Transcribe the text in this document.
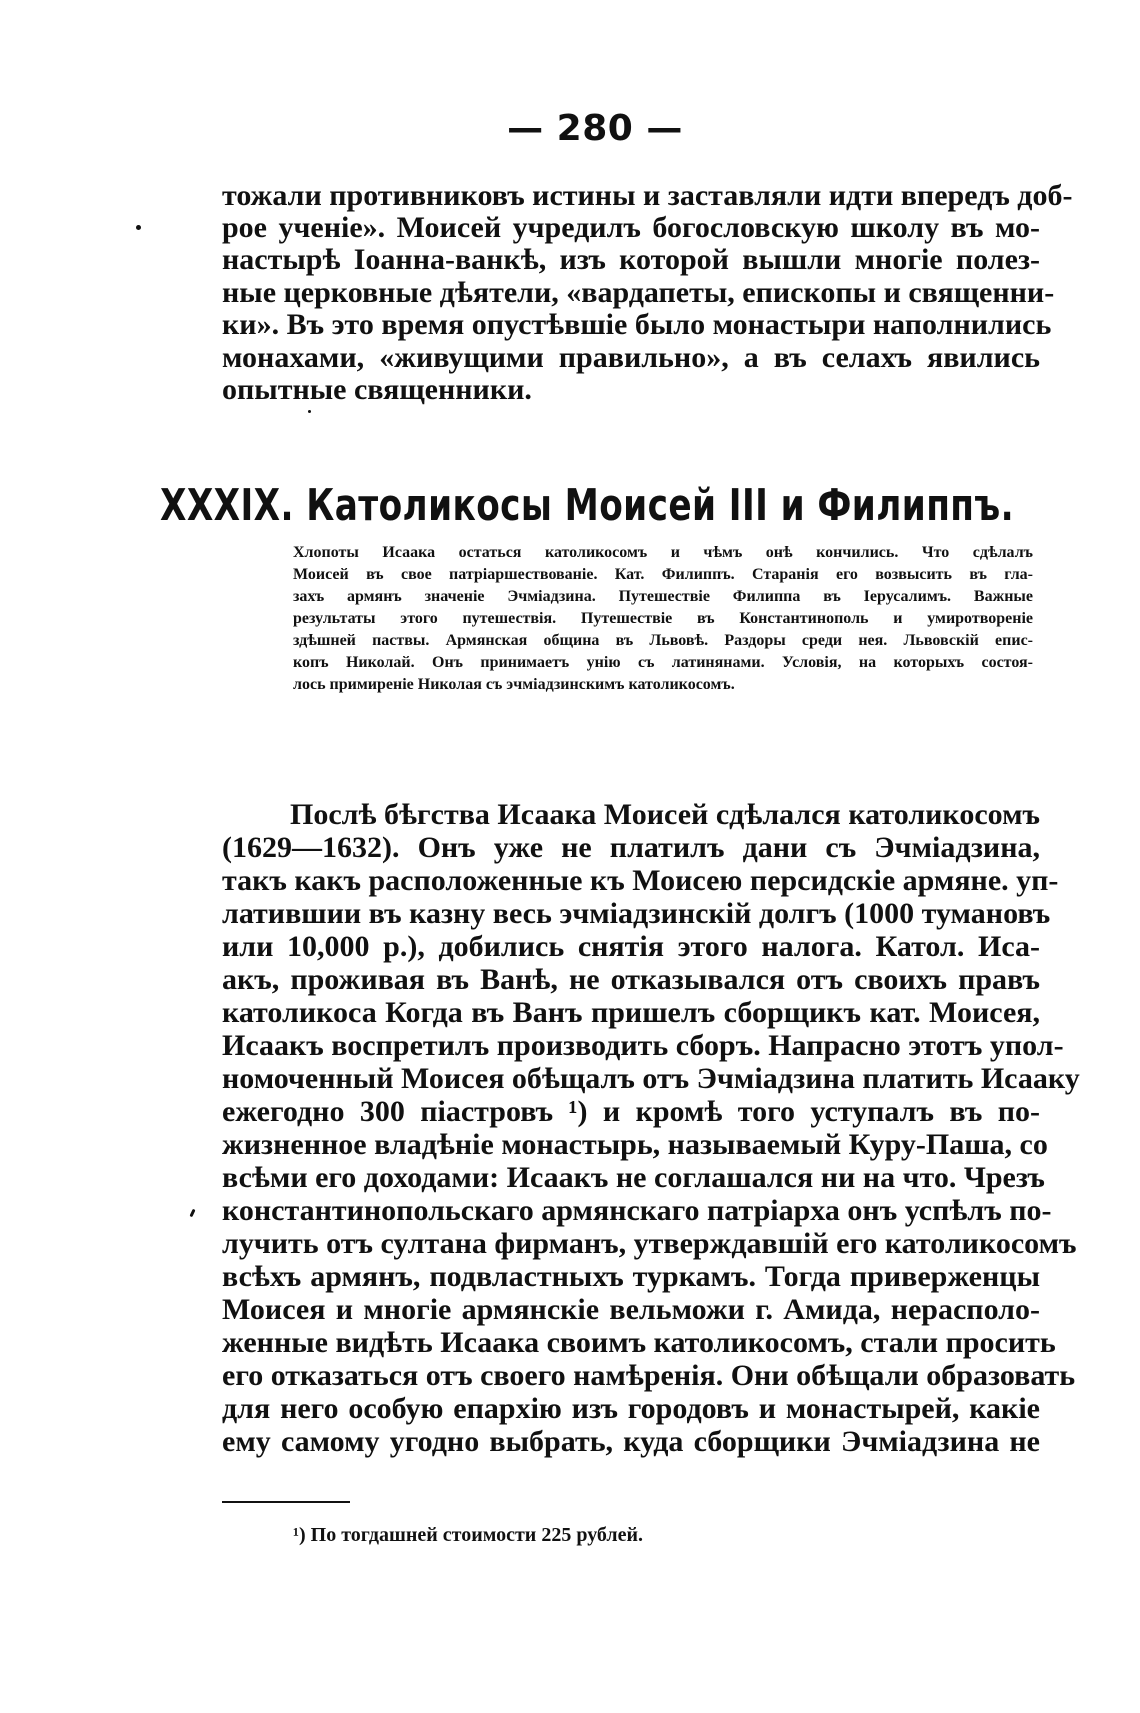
— 280 —
тожали противниковъ истины и заставляли идти впередъ доб-
рое ученіе». Моисей учредилъ богословскую школу въ мо-
настырѣ Іоанна-ванкѣ, изъ которой вышли многіе полез-
ные церковные дѣятели, «вардапеты, епископы и священни-
ки». Въ это время опустѣвшіе было монастыри наполнились
монахами, «живущими правильно», а въ селахъ явились
опытные священники.
XXXIX. Католикосы Моисей III и Филиппъ.
Хлопоты Исаака остаться католикосомъ и чѣмъ онѣ кончились. Что сдѣлалъ
Моисей въ свое патріаршествованіе. Кат. Филиппъ. Старанія его возвысить въ гла-
захъ армянъ значеніе Эчміадзина. Путешествіе Филиппа въ Іерусалимъ. Важные
результаты этого путешествія. Путешествіе въ Константинополь и умиротвореніе
здѣшней паствы. Армянская община въ Львовѣ. Раздоры среди нея. Львовскій епис-
копъ Николай. Онъ принимаетъ унію съ латинянами. Условія, на которыхъ состоя-
лось примиреніе Николая съ эчміадзинскимъ католикосомъ.
Послѣ бѣгства Исаака Моисей сдѣлался католикосомъ
(1629—1632). Онъ уже не платилъ дани съ Эчміадзина,
такъ какъ расположенные къ Моисею персидскіе армяне. уп-
латившии въ казну весь эчміадзинскій долгъ (1000 тумановъ
или 10,000 р.), добились снятія этого налога. Катол. Иса-
акъ, проживая въ Ванѣ, не отказывался отъ своихъ правъ
католикоса Когда въ Ванъ пришелъ сборщикъ кат. Моисея,
Исаакъ воспретилъ производить сборъ. Напрасно этотъ упол-
номоченный Моисея обѣщалъ отъ Эчміадзина платить Исааку
ежегодно 300 піастровъ ¹) и кромѣ того уступалъ въ по-
жизненное владѣніе монастырь, называемый Куру-Паша, со
всѣми его доходами: Исаакъ не соглашался ни на что. Чрезъ
константинопольскаго армянскаго патріарха онъ успѣлъ по-
лучить отъ султана фирманъ, утверждавшій его католикосомъ
всѣхъ армянъ, подвластныхъ туркамъ. Тогда приверженцы
Моисея и многіе армянскіе вельможи г. Амида, нерасполо-
женные видѣть Исаака своимъ католикосомъ, стали просить
его отказаться отъ своего намѣренія. Они обѣщали образовать
для него особую епархію изъ городовъ и монастырей, какіе
ему самому угодно выбрать, куда сборщики Эчміадзина не
¹) По тогдашней стоимости 225 рублей.
